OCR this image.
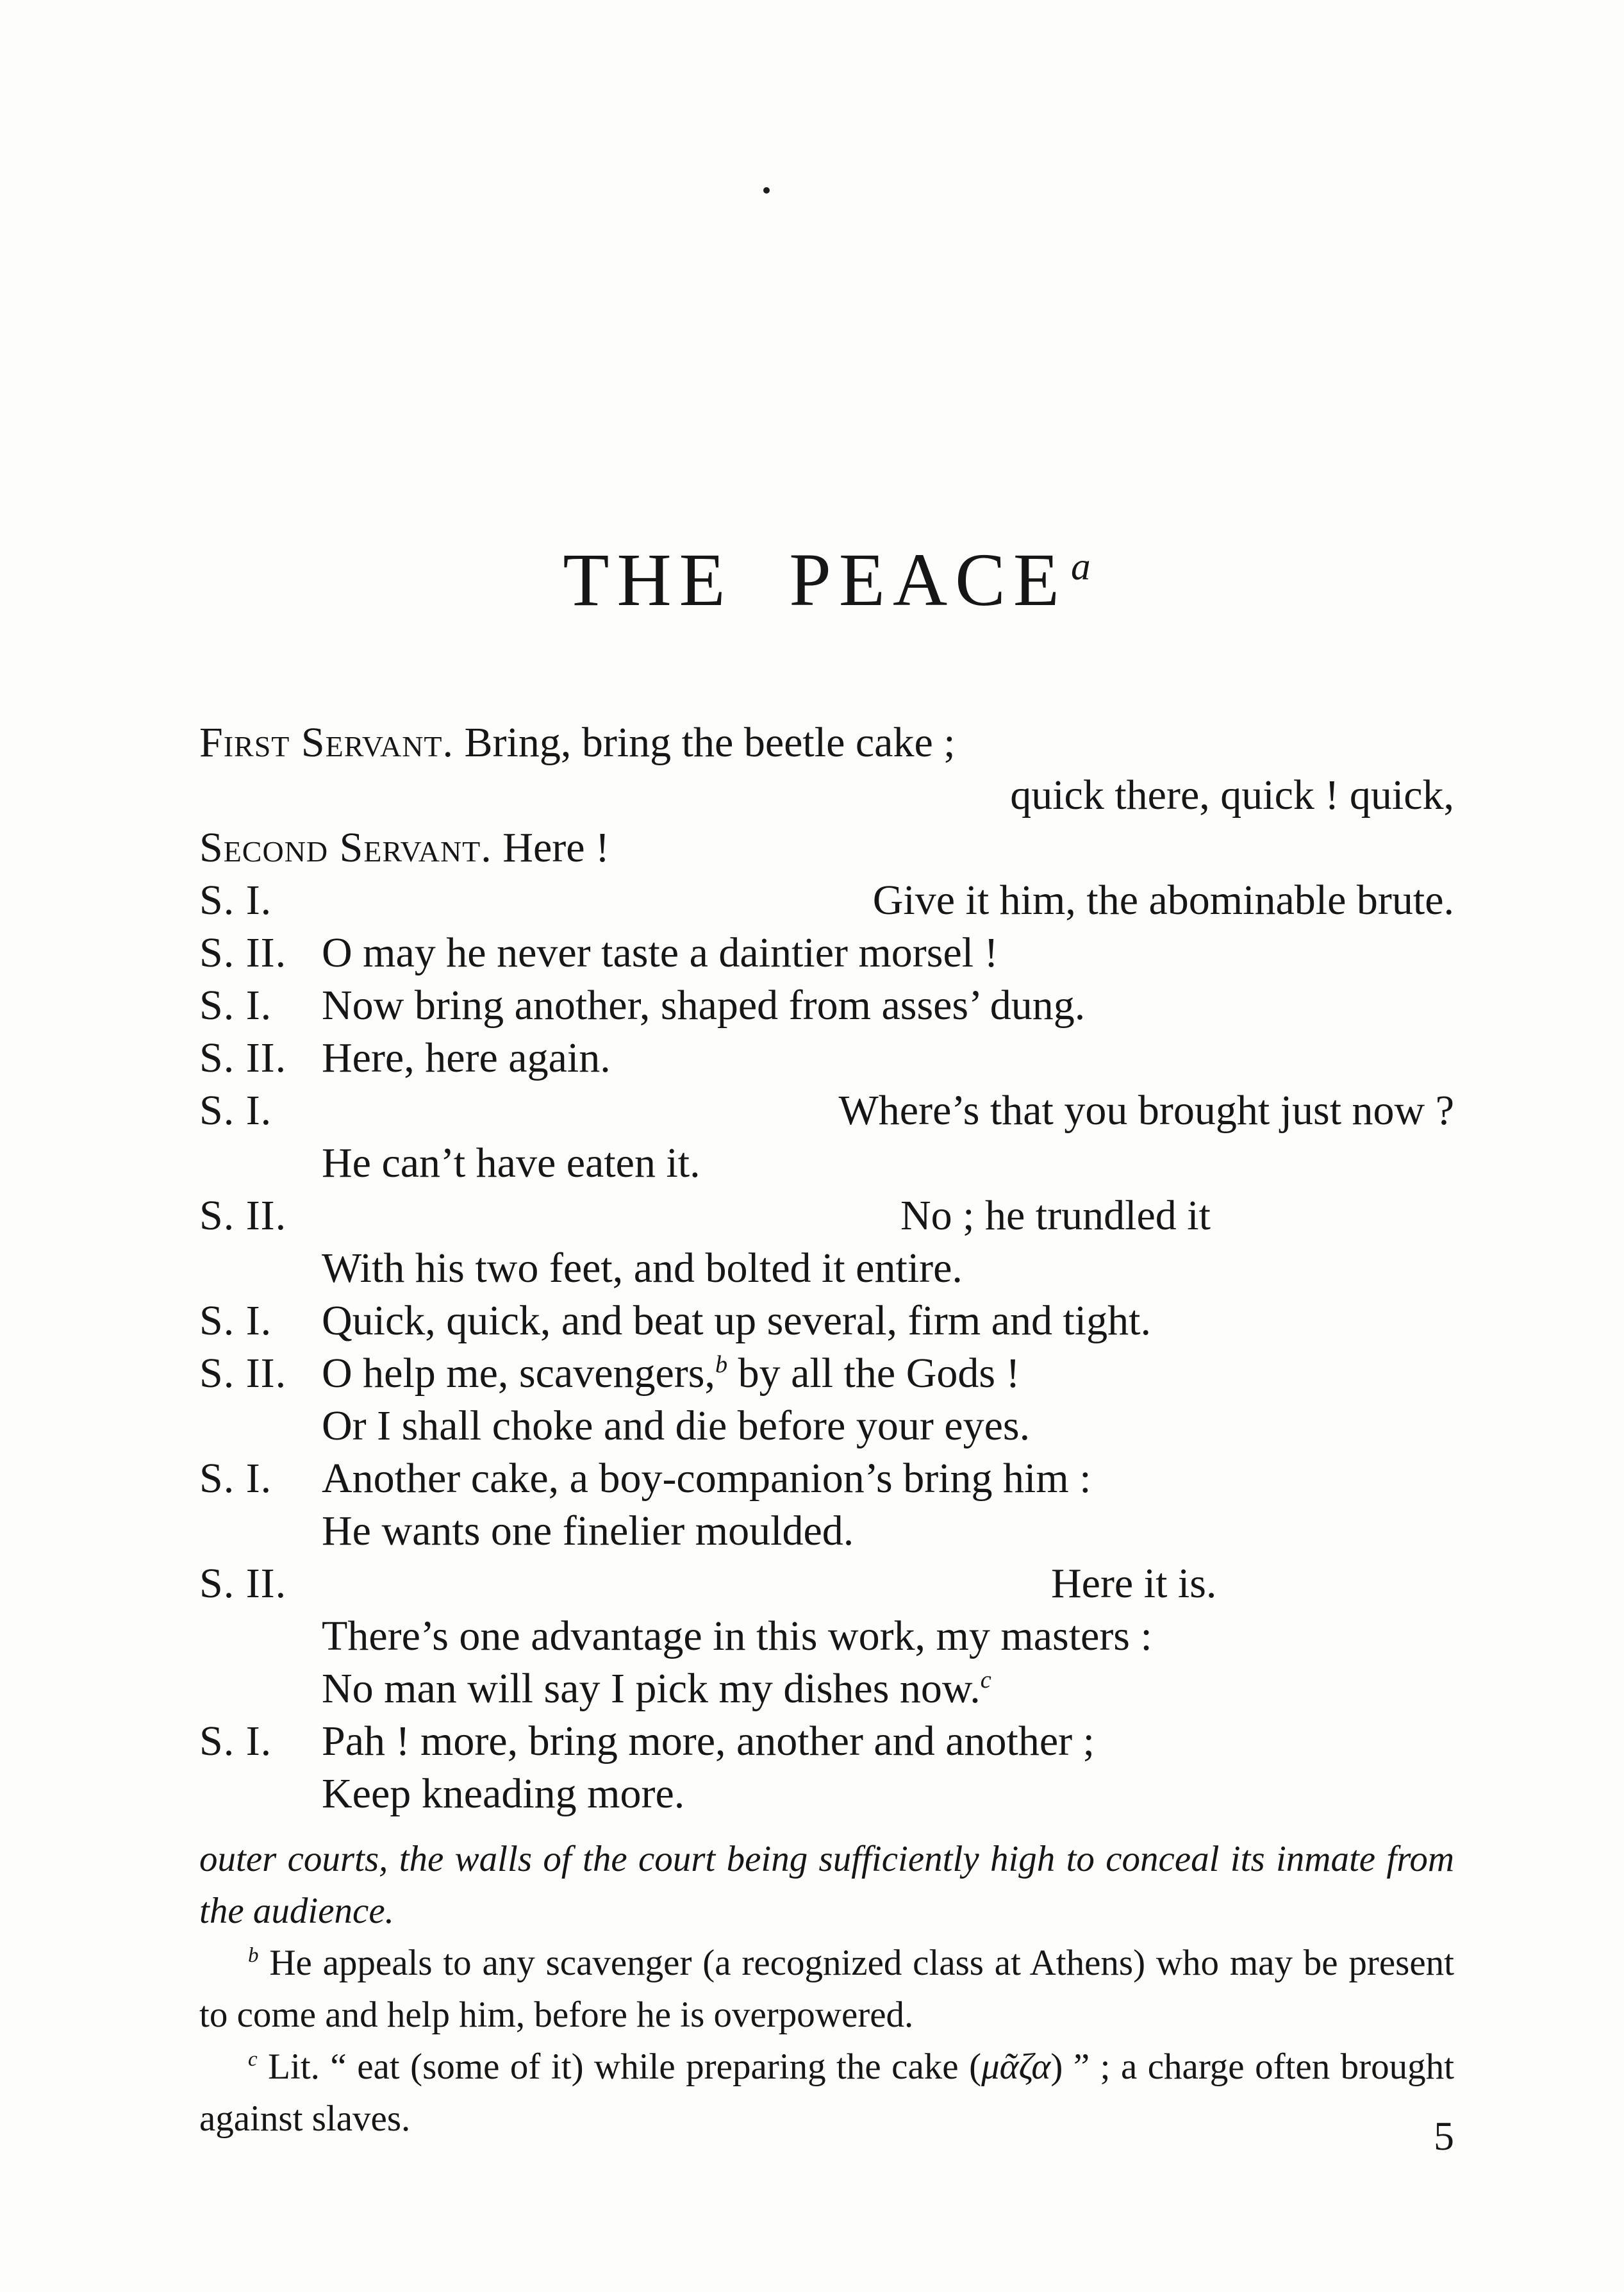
THE PEACE$^a$
First Servant. Bring, bring the beetle cake ;
quick there, quick ! quick,
Second Servant. Here !
S. I.	Give it him, the abominable brute.
S. II. O may he never taste a daintier morsel !
S. I. Now bring another, shaped from asses’ dung.
S. II. Here, here again.
S. I.	Where’s that you brought just now ?
He can’t have eaten it.
S. II.	No ; he trundled it
With his two feet, and bolted it entire.
S. I. Quick, quick, and beat up several, firm and tight.
S. II. O help me, scavengers,$^b$ by all the Gods !
Or I shall choke and die before your eyes.
S. I. Another cake, a boy-companion’s bring him :
He wants one finelier moulded.
S. II.	Here it is.
There’s one advantage in this work, my masters :
No man will say I pick my dishes now.$^c$
S. I. Pah ! more, bring more, another and another ;
Keep kneading more.
outer courts, the walls of the court being sufficiently high to conceal its inmate from the audience.
$^b$ He appeals to any scavenger (a recognized class at Athens) who may be present to come and help him, before he is overpowered.
$^c$ Lit. “ eat (some of it) while preparing the cake (μᾶζα) ” ; a charge often brought against slaves.	5
